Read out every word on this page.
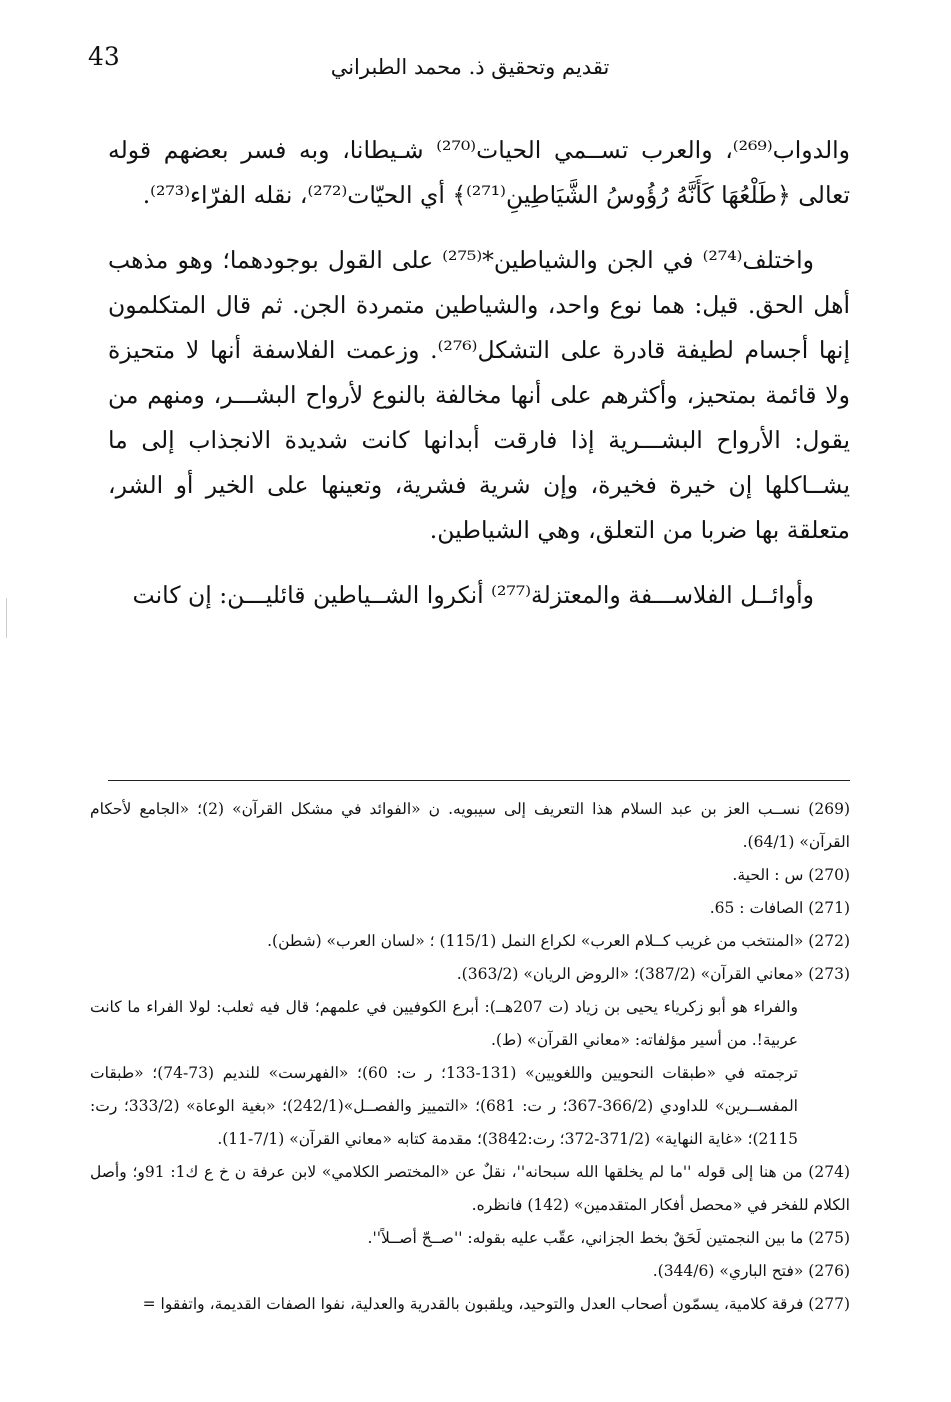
43	تقديم وتحقيق ذ. محمد الطبراني

والدواب⁽²⁶⁹⁾، والعرب تســمي الحيات⁽²⁷⁰⁾ شـيطانا، وبه فسر بعضهم قوله تعالى ﴿طَلْعُهَا كَأَنَّهُ رُؤُوسُ الشَّيَاطِينِ⁽²⁷¹⁾﴾ أي الحيّات⁽²⁷²⁾، نقله الفرّاء⁽²⁷³⁾.

واختلف⁽²⁷⁴⁾ في الجن والشياطين*⁽²⁷⁵⁾ على القول بوجودهما؛ وهو مذهب أهل الحق. قيل: هما نوع واحد، والشياطين متمردة الجن. ثم قال المتكلمون إنها أجسام لطيفة قادرة على التشكل⁽²⁷⁶⁾. وزعمت الفلاسفة أنها لا متحيزة ولا قائمة بمتحيز، وأكثرهم على أنها مخالفة بالنوع لأرواح البشـــر، ومنهم من يقول: الأرواح البشـــرية إذا فارقت أبدانها كانت شديدة الانجذاب إلى ما يشــاكلها إن خيرة فخيرة، وإن شرية فشرية، وتعينها على الخير أو الشر، متعلقة بها ضربا من التعلق، وهي الشياطين.

وأوائــل الفلاســـفة والمعتزلة⁽²⁷⁷⁾ أنكروا الشــياطين قائليـــن: إن كانت

(269) نســب العز بن عبد السلام هذا التعريف إلى سيبويه. ن «الفوائد في مشكل القرآن» (2)؛ «الجامع لأحكام القرآن» (64/1).

(270) س : الحية.

(271) الصافات : 65.

(272) «المنتخب من غريب كــلام العرب» لكراع النمل (115/1) ؛ «لسان العرب» (شطن).

(273) «معاني القرآن» (387/2)؛ «الروض الريان» (363/2).

والفراء هو أبو زكرياء يحيى بن زياد (ت 207هــ): أبرع الكوفيين في علمهم؛ قال فيه ثعلب: لولا الفراء ما كانت عربية!. من أسير مؤلفاته: «معاني القرآن» (ط).

ترجمته في «طبقات النحويين واللغويين» (131-133؛ ر ت: 60)؛ «الفهرست» للنديم (73-74)؛ «طبقات المفســرين» للداودي (366/2-367؛ ر ت: 681)؛ «التمييز والفصــل»(242/1)؛ «بغية الوعاة» (333/2؛ رت: 2115)؛ «غاية النهاية» (371/2-372؛ رت:3842)؛ مقدمة كتابه «معاني القرآن» (7/1-11).

(274) من هنا إلى قوله ''ما لم يخلقها الله سبحانه''، نقلٌ عن «المختصر الكلامي» لابن عرفة ن خ ع ك1: 91و؛ وأصل الكلام للفخر في «محصل أفكار المتقدمين» (142) فانظره.

(275) ما بين النجمتين لَحَقٌ بخط الجزاني، عقّب عليه بقوله: ''صــحّ أصــلاً''.

(276) «فتح الباري» (344/6).

(277) فرقة كلامية، يسمّون أصحاب العدل والتوحيد، ويلقبون بالقدرية والعدلية، نفوا الصفات القديمة، واتفقوا =
